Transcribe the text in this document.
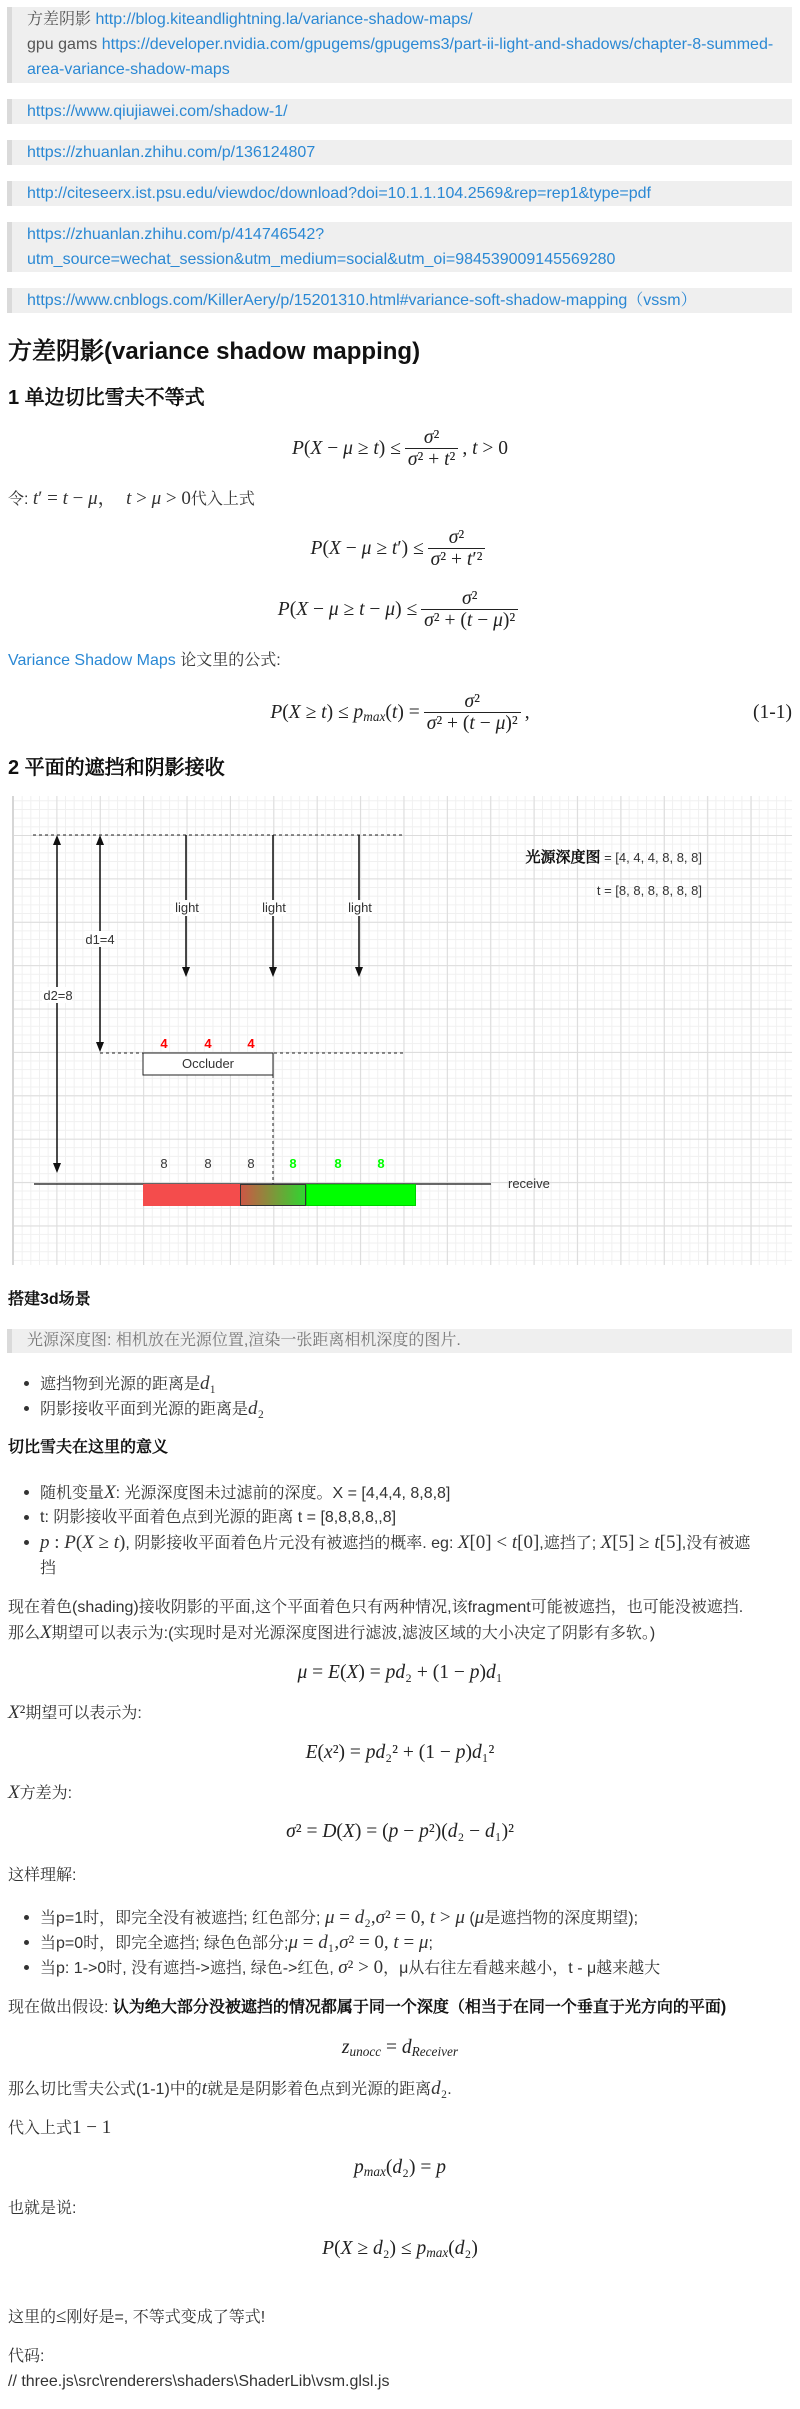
方差阴影 http://blog.kiteandlightning.la/variance-shadow-maps/
gpu gams https://developer.nvidia.com/gpugems/gpugems3/part-ii-light-and-shadows/chapter-8-summed-
area-variance-shadow-maps
https://www.qiujiawei.com/shadow-1/
https://zhuanlan.zhihu.com/p/136124807
http://citeseerx.ist.psu.edu/viewdoc/download?doi=10.1.1.104.2569&rep=rep1&type=pdf
https://zhuanlan.zhihu.com/p/414746542?
utm_source=wechat_session&utm_medium=social&utm_oi=984539009145569280
https://www.cnblogs.com/KillerAery/p/15201310.html#variance-soft-shadow-mapping（vssm）
方差阴影(variance shadow mapping)
1 单边切比雪夫不等式
$P(X - \mu \ge t) \le \frac{\text{σ²}}{\text{σ² + t²}}$ , t > 0
令: t′ = t − μ， t > μ > 0代入上式
$P(X - \mu \ge t') \le \frac{\text{σ²}}{\text{σ² + t′²}}$
$P(X - \mu \ge t - \mu) \le \frac{\text{σ²}}{\text{σ² + (t − μ)²}}$
Variance Shadow Maps 论文里的公式:
P(X ≥ t) ≤ p $\max (t) = \frac{\text{σ²}}{\text{σ² + (t − μ)²}}$ ,	(1-1)
2 平面的遮挡和阴影接收
d1=4
d2=8
light	light	light
Occluder
4	4	4
8	8	8	8	8	8
receive
光源深度图 = [4, 4, 4, 8, 8, 8]
t = [8, 8, 8, 8, 8, 8]
搭建3d场景
光源深度图: 相机放在光源位置,渲染一张距离相机深度的图片.
遮挡物到光源的距离是d₁
阴影接收平面到光源的距离是d₂
切比雪夫在这里的意义
随机变量X: 光源深度图未过滤前的深度。X = [4,4,4, 8,8,8]
t: 阴影接收平面着色点到光源的距离 t = [8,8,8,8,,8]
p : P(X ≥ t), 阴影接收平面着色片元没有被遮挡的概率. eg: X[0] < t[0],遮挡了; X[5] ≥ t[5],没有被遮
挡
现在着色(shading)接收阴影的平面,这个平面着色只有两种情况,该fragment可能被遮挡，也可能没被遮挡.
那么X期望可以表示为:(实现时是对光源深度图进行滤波,滤波区域的大小决定了阴影有多软。)
μ = E(X) = pd₂ + (1 − p)d₁
X²期望可以表示为:
E(x²) = pd₂² + (1 − p)d₁²
X方差为:
σ² = D(X) = (p − p²)(d₂ − d₁)²
这样理解:
当p=1时，即完全没有被遮挡; 红色部分; μ = d₂,σ² = 0, t > μ (μ是遮挡物的深度期望);
当p=0时，即完全遮挡; 绿色色部分;μ = d₁,σ² = 0, t = μ;
当p: 1->0时, 没有遮挡->遮挡, 绿色->红色, σ² > 0，μ从右往左看越来越小，t - μ越来越大
现在做出假设: 认为绝大部分没被遮挡的情况都属于同一个深度（相当于在同一个垂直于光方向的平面)
z unocc = d Receiver
那么切比雪夫公式(1-1)中的t就是是阴影着色点到光源的距离d₂.
代入上式1 − 1
p max (d₂) = p
也就是说:
P(X ≥ d₂) ≤ p max (d₂)
这里的≤刚好是=, 不等式变成了等式!
代码:
// three.js\src\renderers\shaders\ShaderLib\vsm.glsl.js
